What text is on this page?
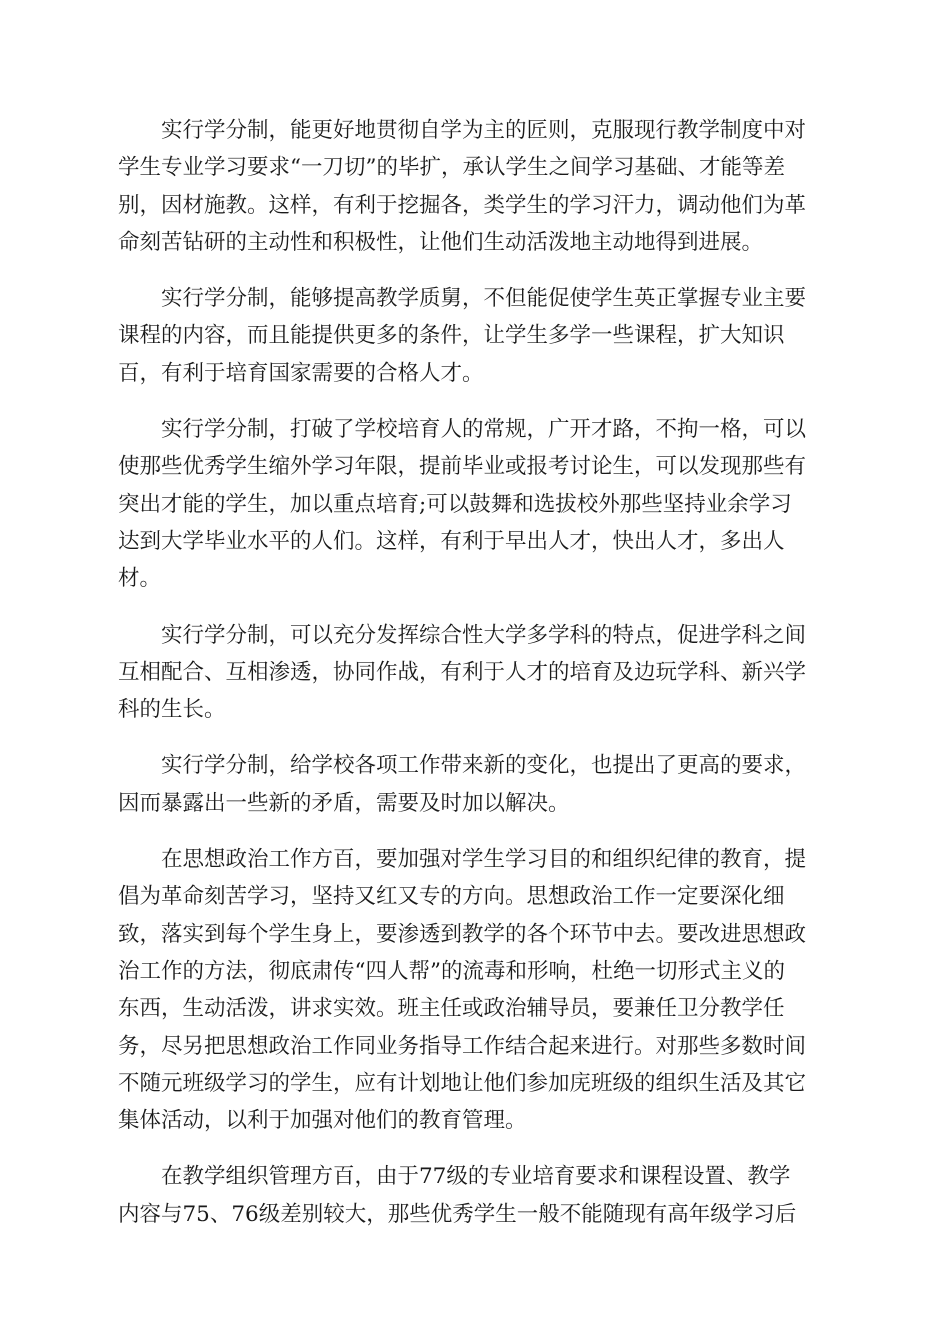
实行学分制，能更好地贯彻自学为主的匠则，克服现行教学制度中对
学生专业学习要求“一刀切”的毕扩，承认学生之间学习基础、才能等差
别，因材施教。这样，有利于挖掘各，类学生的学习汗力，调动他们为革
命刻苦钻研的主动性和积极性，让他们生动活泼地主动地得到进展。

实行学分制，能够提高教学质舅，不但能促使学生英正掌握专业主要
课程的内容，而且能提供更多的条件，让学生多学一些课程，扩大知识
百，有利于培育国家需要的合格人才。

实行学分制，打破了学校培育人的常规，广开才路，不拘一格，可以
使那些优秀学生缩外学习年限，提前毕业或报考讨论生，可以发现那些有
突出才能的学生，加以重点培育;可以鼓舞和选拔校外那些坚持业余学习
达到大学毕业水平的人们。这样，有利于早出人才，快出人才，多出人
材。

实行学分制，可以充分发挥综合性大学多学科的特点，促进学科之间
互相配合、互相渗透，协同作战，有利于人才的培育及边玩学科、新兴学
科的生长。

实行学分制，给学校各项工作带来新的变化，也提出了更高的要求，
因而暴露出一些新的矛盾，需要及时加以解决。

在思想政治工作方百，要加强对学生学习目的和组织纪律的教育，提
倡为革命刻苦学习，坚持又红又专的方向。思想政治工作一定要深化细
致，落实到每个学生身上，要渗透到教学的各个环节中去。要改进思想政
治工作的方法，彻底肃传“四人帮”的流毒和形响，杜绝一切形式主义的
东西，生动活泼，讲求实效。班主任或政治辅导员，要兼任卫分教学任
务，尽另把思想政治工作同业务指导工作结合起来进行。对那些多数时间
不随元班级学习的学生，应有计划地让他们参加庑班级的组织生活及其它
集体活动，以利于加强对他们的教育管理。

在教学组织管理方百，由于77级的专业培育要求和课程设置、教学
内容与75、76级差别较大，那些优秀学生一般不能随现有高年级学习后
